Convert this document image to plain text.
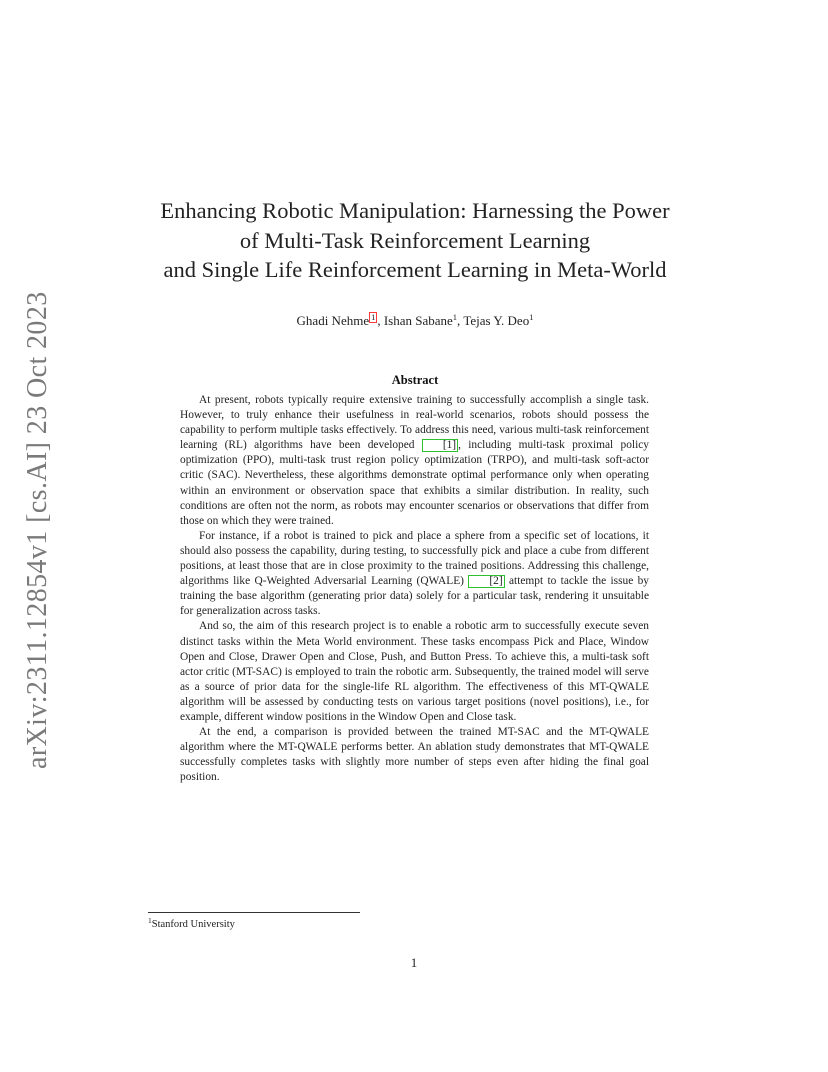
arXiv:2311.12854v1 [cs.AI] 23 Oct 2023
Enhancing Robotic Manipulation: Harnessing the Power
of Multi-Task Reinforcement Learning
and Single Life Reinforcement Learning in Meta-World
Ghadi Nehme $^1$ , Ishan Sabane$^1$, Tejas Y. Deo$^1$
Abstract

At present, robots typically require extensive training to successfully accomplish a single task. However, to truly enhance their usefulness in real-world scenarios, robots should possess the capability to perform multiple tasks effectively. To address this need, various multi-task reinforcement learning (RL) algorithms have been developed [1] , including multi-task proximal policy optimization (PPO), multi-task trust region policy optimization (TRPO), and multi-task soft-actor critic (SAC). Nevertheless, these algorithms demonstrate optimal performance only when operating within an environment or observation space that exhibits a similar distribution. In reality, such conditions are often not the norm, as robots may encounter scenarios or observations that differ from those on which they were trained.

For instance, if a robot is trained to pick and place a sphere from a specific set of locations, it should also possess the capability, during testing, to successfully pick and place a cube from different positions, at least those that are in close proximity to the trained positions. Addressing this challenge, algorithms like Q-Weighted Adversarial Learning (QWALE) [2] attempt to tackle the issue by training the base algorithm (generating prior data) solely for a particular task, rendering it unsuitable for generalization across tasks.

And so, the aim of this research project is to enable a robotic arm to successfully execute seven distinct tasks within the Meta World environment. These tasks encompass Pick and Place, Window Open and Close, Drawer Open and Close, Push, and Button Press. To achieve this, a multi-task soft actor critic (MT-SAC) is employed to train the robotic arm. Subsequently, the trained model will serve as a source of prior data for the single-life RL algorithm. The effectiveness of this MT-QWALE algorithm will be assessed by conducting tests on various target positions (novel positions), i.e., for example, different window positions in the Window Open and Close task.

At the end, a comparison is provided between the trained MT-SAC and the MT-QWALE algorithm where the MT-QWALE performs better. An ablation study demonstrates that MT-QWALE successfully completes tasks with slightly more number of steps even after hiding the final goal position.

$^1$Stanford University
1
